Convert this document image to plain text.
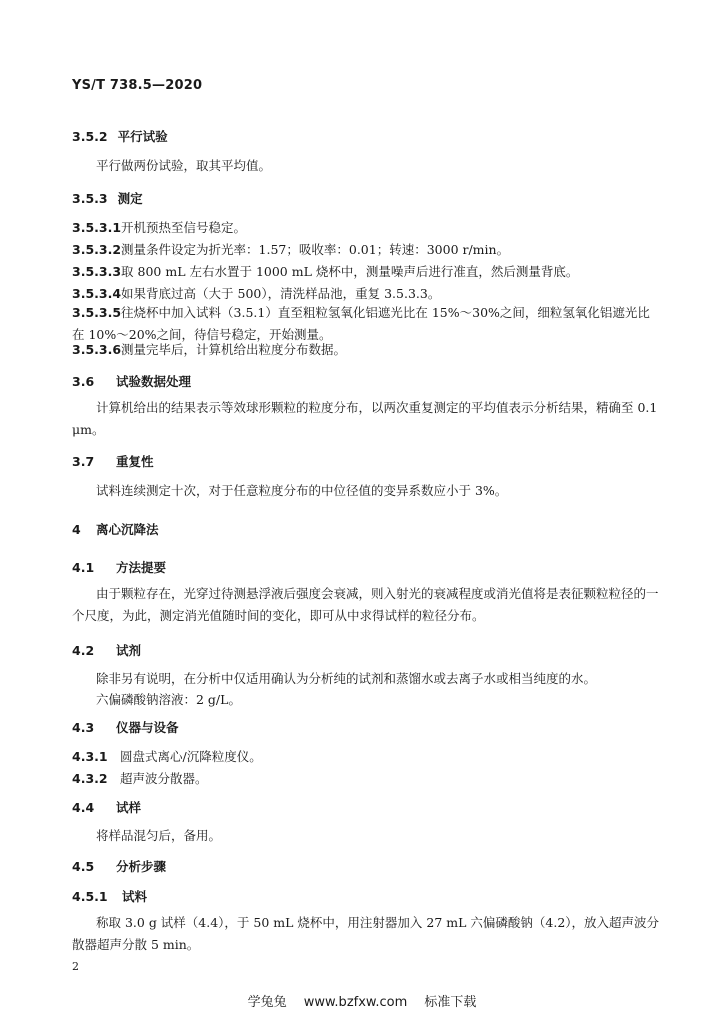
YS/T 738.5—2020
3.5.2 平行试验
平行做两份试验，取其平均值。
3.5.3 测定
3.5.3.1开机预热至信号稳定。
3.5.3.2测量条件设定为折光率：1.57；吸收率：0.01；转速：3000 r/min。
3.5.3.3取 800 mL 左右水置于 1000 mL 烧杯中，测量噪声后进行准直，然后测量背底。
3.5.3.4如果背底过高（大于 500），清洗样品池，重复 3.5.3.3。
3.5.3.5往烧杯中加入试料（3.5.1）直至粗粒氢氧化铝遮光比在 15%～30%之间，细粒氢氧化铝遮光比在 10%～20%之间，待信号稳定，开始测量。
3.5.3.6测量完毕后，计算机给出粒度分布数据。
3.6 试验数据处理
计算机给出的结果表示等效球形颗粒的粒度分布，以两次重复测定的平均值表示分析结果，精确至 0.1 μm。
3.7 重复性
试料连续测定十次，对于任意粒度分布的中位径值的变异系数应小于 3%。
4 离心沉降法
4.1 方法提要
由于颗粒存在，光穿过待测悬浮液后强度会衰减，则入射光的衰减程度或消光值将是表征颗粒粒径的一个尺度，为此，测定消光值随时间的变化，即可从中求得试样的粒径分布。
4.2 试剂
除非另有说明，在分析中仅适用确认为分析纯的试剂和蒸馏水或去离子水或相当纯度的水。
六偏磷酸钠溶液：2 g/L。
4.3 仪器与设备
4.3.1 圆盘式离心/沉降粒度仪。
4.3.2 超声波分散器。
4.4 试样
将样品混匀后，备用。
4.5 分析步骤
4.5.1 试料
称取 3.0 g 试样（4.4），于 50 mL 烧杯中，用注射器加入 27 mL 六偏磷酸钠（4.2），放入超声波分散器超声分散 5 min。
2
学兔兔　 www.bzfxw.com　 标准下载
